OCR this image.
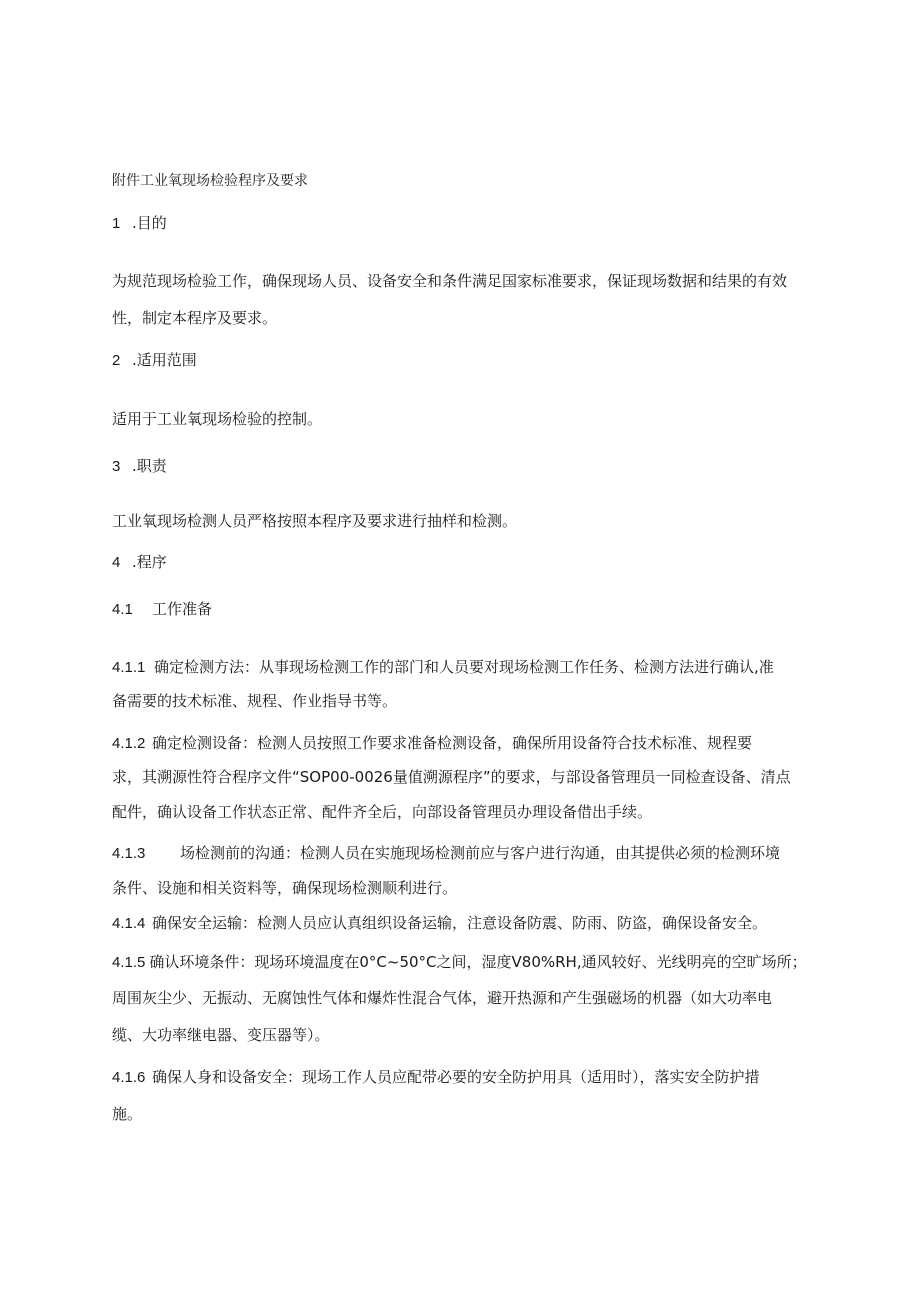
附件工业氧现场检验程序及要求
1 .目的
为规范现场检验工作，确保现场人员、设备安全和条件满足国家标准要求，保证现场数据和结果的有效
性，制定本程序及要求。
2 .适用范围
适用于工业氧现场检验的控制。
3 .职责
工业氧现场检测人员严格按照本程序及要求进行抽样和检测。
4 .程序
4.1 工作准备
4.1.1 确定检测方法：从事现场检测工作的部门和人员要对现场检测工作任务、检测方法进行确认,准
备需要的技术标准、规程、作业指导书等。
4.1.2 确定检测设备：检测人员按照工作要求准备检测设备，确保所用设备符合技术标准、规程要
求，其溯源性符合程序文件“SOP00-0026量值溯源程序”的要求，与部设备管理员一同检查设备、清点
配件，确认设备工作状态正常、配件齐全后，向部设备管理员办理设备借出手续。
4.1.3 场检测前的沟通：检测人员在实施现场检测前应与客户进行沟通，由其提供必须的检测环境
条件、设施和相关资料等，确保现场检测顺利进行。
4.1.4 确保安全运输：检测人员应认真组织设备运输，注意设备防震、防雨、防盗，确保设备安全。
4.1.5 确认环境条件：现场环境温度在0°C~50°C之间，湿度V80%RH,通风较好、光线明亮的空旷场所；
周围灰尘少、无振动、无腐蚀性气体和爆炸性混合气体，避开热源和产生强磁场的机器（如大功率电
缆、大功率继电器、变压器等）。
4.1.6 确保人身和设备安全：现场工作人员应配带必要的安全防护用具（适用时），落实安全防护措
施。
